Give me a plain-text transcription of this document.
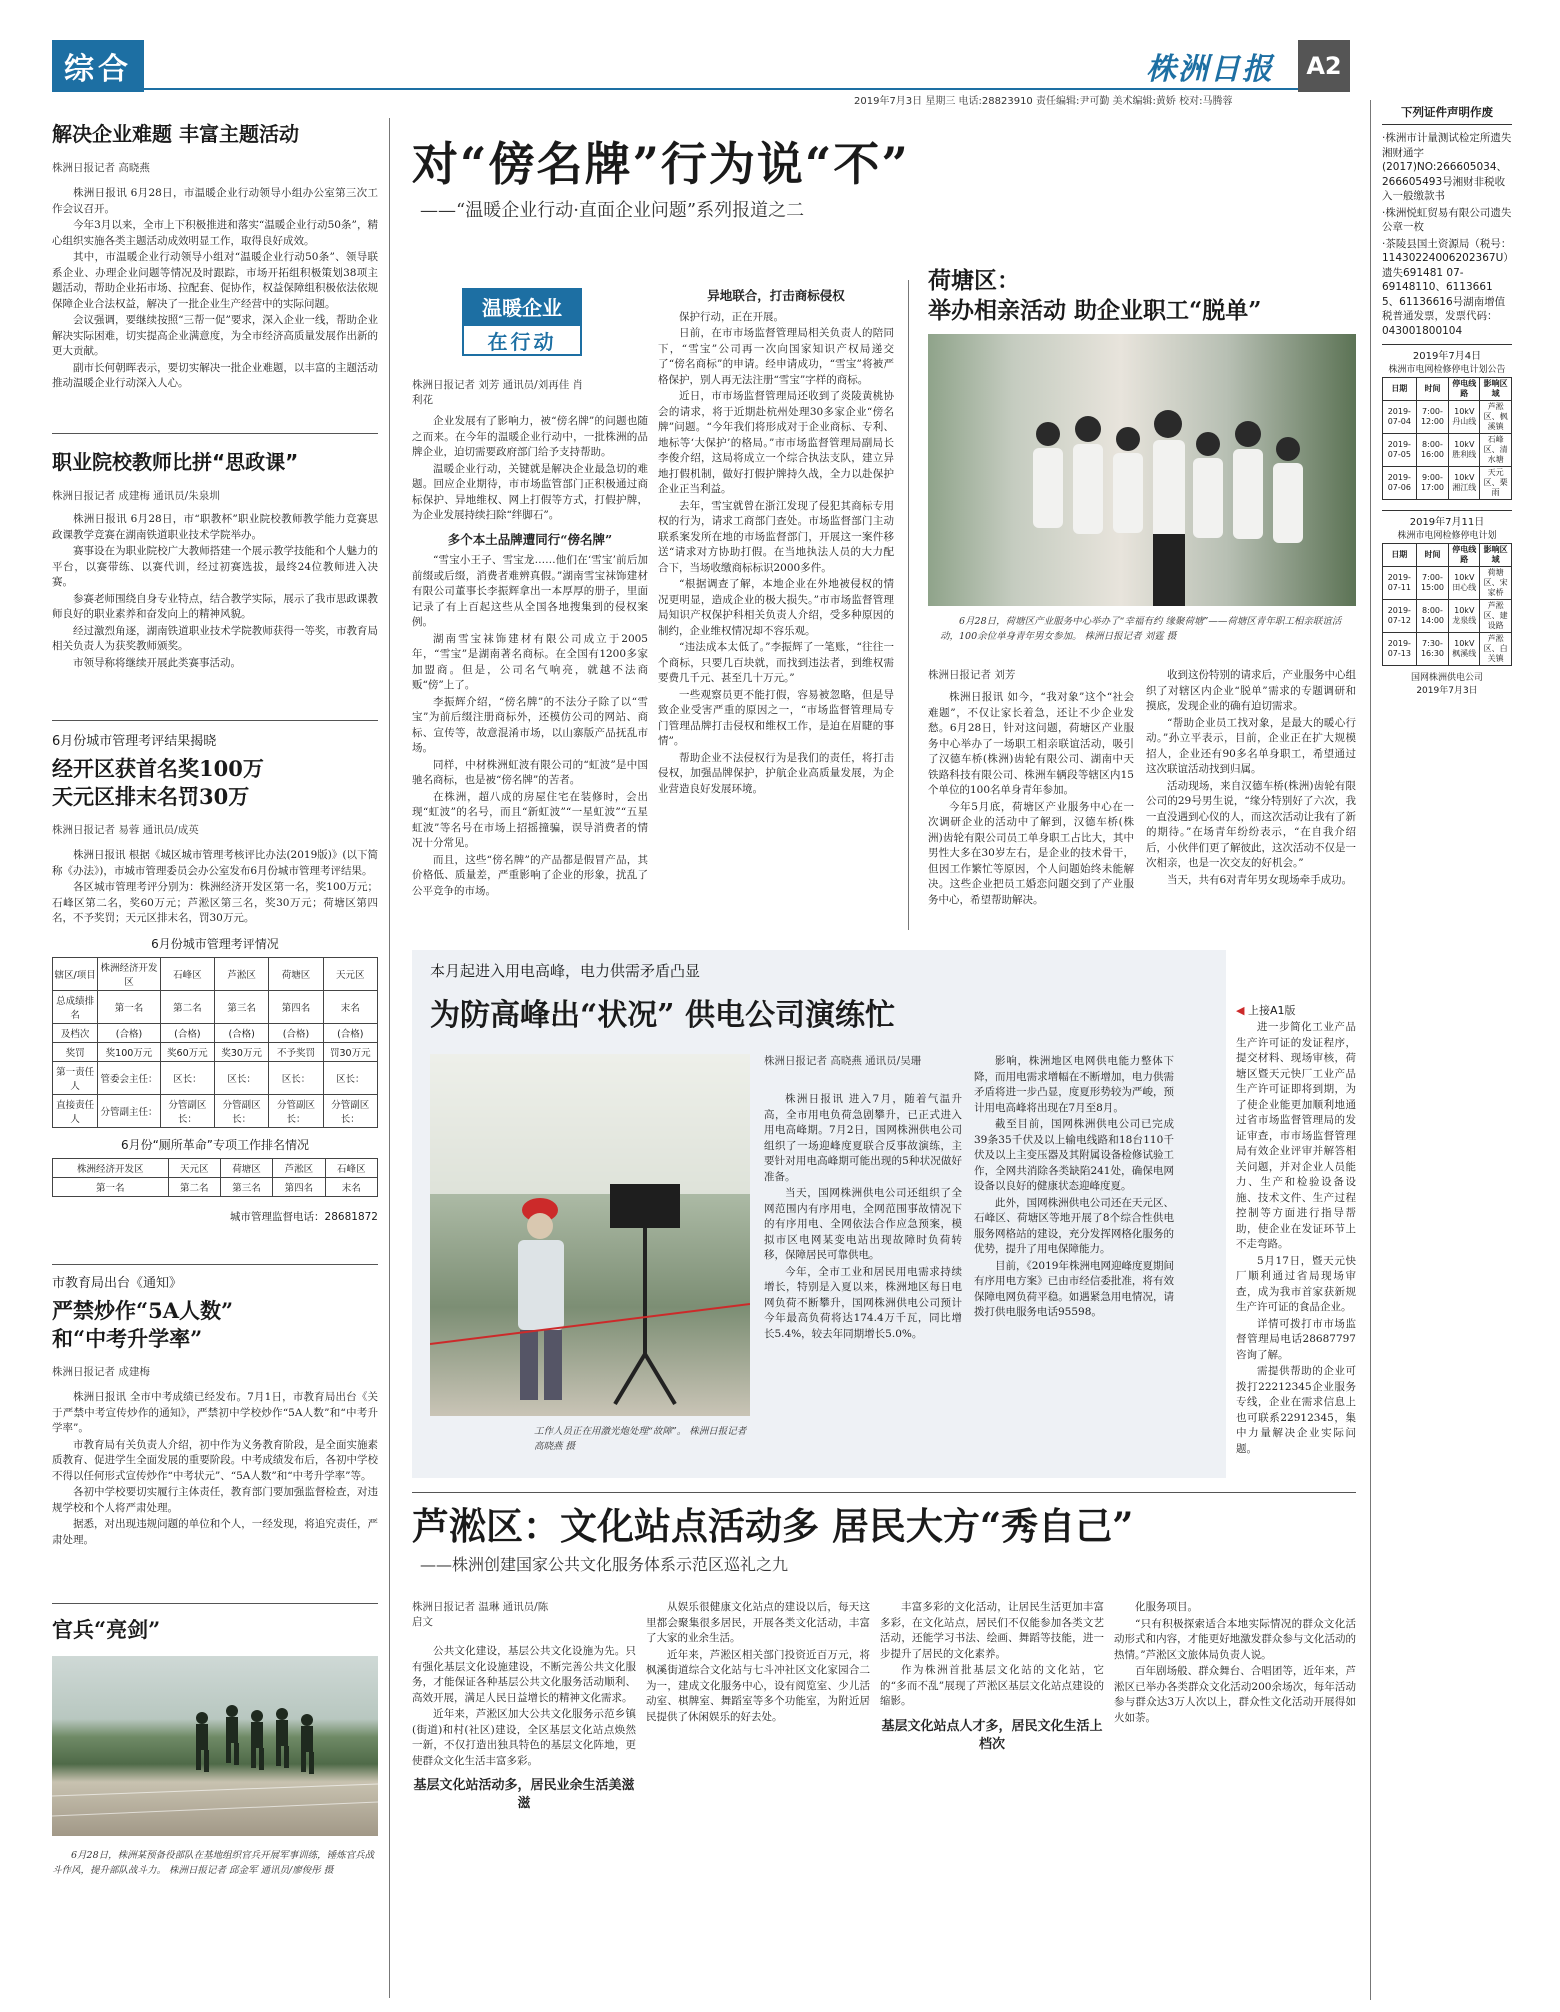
综合	株洲日报 A2
2019年7月3日 星期三 电话:28823910 责任编辑:尹可勤 美术编辑:黄娇 校对:马腾蓉
解决企业难题 丰富主题活动
株洲日报记者 高晓燕

株洲日报讯 6月28日，市温暖企业行动领导小组办公室第三次工作会议召开。

今年3月以来，全市上下积极推进和落实“温暖企业行动50条”，精心组织实施各类主题活动成效明显工作，取得良好成效。

其中，市温暖企业行动领导小组对“温暖企业行动50条”、领导联系企业、办理企业问题等情况及时跟踪，市场开拓组积极策划38项主题活动，帮助企业拓市场、拉配套、促协作，权益保障组积极依法依规保障企业合法权益，解决了一批企业生产经营中的实际问题。

会议强调，要继续按照“三帮一促”要求，深入企业一线，帮助企业解决实际困难，切实提高企业满意度，为全市经济高质量发展作出新的更大贡献。

副市长何朝晖表示，要切实解决一批企业难题，以丰富的主题活动推动温暖企业行动深入人心。

职业院校教师比拼“思政课”
株洲日报记者 成建梅 通讯员/朱泉圳

株洲日报讯 6月28日，市“职教杯”职业院校教师教学能力竞赛思政课教学竞赛在湖南铁道职业技术学院举办。

赛事设在为职业院校广大教师搭建一个展示教学技能和个人魅力的平台，以赛带练、以赛代训，经过初赛选拔，最终24位教师进入决赛。

参赛老师围绕自身专业特点，结合教学实际，展示了我市思政课教师良好的职业素养和奋发向上的精神风貌。

经过激烈角逐，湖南铁道职业技术学院教师获得一等奖，市教育局相关负责人为获奖教师颁奖。

市领导称将继续开展此类赛事活动。

6月份城市管理考评结果揭晓
经开区获首名奖100万
天元区排末名罚30万
株洲日报记者 易蓉 通讯员/成英

株洲日报讯 根据《城区城市管理考核评比办法(2019版)》(以下简称《办法》)，市城市管理委员会办公室发布6月份城市管理考评结果。

各区城市管理考评分别为：株洲经济开发区第一名，奖100万元；石峰区第二名，奖60万元；芦淞区第三名，奖30万元；荷塘区第四名，不予奖罚；天元区排末名，罚30万元。

6月份城市管理考评情况
辖区/项目	株洲经济开发区	石峰区	芦淞区	荷塘区	天元区
总成绩排名	第一名	第二名	第三名	第四名	末名
及档次	(合格)	(合格)	(合格)	(合格)	(合格)
奖罚	奖100万元	奖60万元	奖30万元	不予奖罚	罚30万元
第一责任人	管委会主任：	区长：	区长：	区长：	区长：
直接责任人	分管副主任：	分管副区长：	分管副区长：	分管副区长：	分管副区长：
6月份“厕所革命”专项工作排名情况
株洲经济开发区	天元区	荷塘区	芦淞区	石峰区
第一名	第二名	第三名	第四名	末名
城市管理监督电话：28681872
市教育局出台《通知》
严禁炒作“5A人数”
和“中考升学率”
株洲日报记者 成建梅

株洲日报讯 全市中考成绩已经发布。7月1日，市教育局出台《关于严禁中考宣传炒作的通知》，严禁初中学校炒作“5A人数”和“中考升学率”。

市教育局有关负责人介绍，初中作为义务教育阶段，是全面实施素质教育、促进学生全面发展的重要阶段。中考成绩发布后，各初中学校不得以任何形式宣传炒作“中考状元”、“5A人数”和“中考升学率”等。

各初中学校要切实履行主体责任，教育部门要加强监督检查，对违规学校和个人将严肃处理。

据悉，对出现违规问题的单位和个人，一经发现，将追究责任，严肃处理。

官兵“亮剑”
6月28日，株洲某预备役部队在基地组织官兵开展军事训练，锤炼官兵战斗作风，提升部队战斗力。 株洲日报记者 邱金军 通讯员/廖俊彤 摄
对“傍名牌”行为说“不”
——“温暖企业行动·直面企业问题”系列报道之二
温暖企业
在行动
株洲日报记者 刘芳 通讯员/刘再佳 肖利花

企业发展有了影响力，被“傍名牌”的问题也随之而来。在今年的温暖企业行动中，一批株洲的品牌企业，迫切需要政府部门给予支持帮助。

温暖企业行动，关键就是解决企业最急切的难题。回应企业期待，市市场监管部门正积极通过商标保护、异地维权、网上打假等方式，打假护牌，为企业发展持续扫除“绊脚石”。

多个本土品牌遭同行“傍名牌”

“雪宝小王子、雪宝龙……他们在‘雪宝’前后加前缀或后缀，消费者难辨真假。”湖南雪宝袜饰建材有限公司董事长李振辉拿出一本厚厚的册子，里面记录了有上百起这些从全国各地搜集到的侵权案例。

湖南雪宝袜饰建材有限公司成立于2005年，“雪宝”是湖南著名商标。在全国有1200多家加盟商。但是，公司名气响亮，就越不法商贩“傍”上了。

李振辉介绍，“傍名牌”的不法分子除了以“雪宝”为前后缀注册商标外，还模仿公司的网站、商标、宣传等，故意混淆市场，以山寨版产品抚乱市场。

同样，中材株洲虹波有限公司的“虹波”是中国驰名商标，也是被“傍名牌”的苦者。

在株洲，超八成的房屋住宅在装修时，会出现“虹波”的名号，而且“新虹波”“一星虹波”“五星虹波”等名号在市场上招摇撞骗，误导消费者的情况十分常见。

而且，这些“傍名牌”的产品都是假冒产品，其价格低、质量差，严重影响了企业的形象，扰乱了公平竞争的市场。

异地联合，打击商标侵权

保护行动，正在开展。

日前，在市市场监督管理局相关负责人的陪同下，“雪宝”公司再一次向国家知识产权局递交了“傍名商标”的申请。经申请成功，“雪宝”将被严格保护，别人再无法注册“雪宝”字样的商标。

近日，市市场监督管理局还收到了炎陵黄桃协会的请求，将于近期赴杭州处理30多家企业“傍名牌”问题。“今年我们将形成对于企业商标、专利、地标等‘大保护’的格局。”市市场监督管理局副局长李俊介绍，这局将成立一个综合执法支队，建立异地打假机制，做好打假护牌持久战，全力以赴保护企业正当利益。

去年，雪宝就曾在浙江发现了侵犯其商标专用权的行为，请求工商部门查处。市场监督部门主动联系案发所在地的市场监督部门，开展这一案件移送“请求对方协助打假。在当地执法人员的大力配合下，当场收缴商标标识2000多件。

“根据调查了解，本地企业在外地被侵权的情况更明显，造成企业的极大损失。”市市场监督管理局知识产权保护科相关负责人介绍，受多种原因的制约，企业维权情况却不容乐观。

“违法成本太低了。”李振辉了一笔账，“往往一个商标，只要几百块就，而找到违法者，到维权需要费几千元、甚至几十万元。”

一些观察员更不能打假，容易被忽略，但是导致企业受害严重的原因之一，“市场监督管理局专门管理品牌打击侵权和维权工作，是迫在眉睫的事情”。

帮助企业不法侵权行为是我们的责任，将打击侵权，加强品牌保护，护航企业高质量发展，为企业营造良好发展环境。

荷塘区：
举办相亲活动 助企业职工“脱单”
6月28日，荷塘区产业服务中心举办了“幸福有约 缘聚荷塘”——荷塘区青年职工相亲联谊活动，100余位单身青年男女参加。 株洲日报记者 刘霆 摄
株洲日报记者 刘芳

株洲日报讯 如今，“我对象”这个“社会难题”，不仅让家长着急，还让不少企业发愁。6月28日，针对这问题，荷塘区产业服务中心举办了一场职工相亲联谊活动，吸引了汉德车桥(株洲)齿轮有限公司、湖南中天铁路科技有限公司、株洲车辆段等辖区内15个单位的100名单身青年参加。

今年5月底，荷塘区产业服务中心在一次调研企业的活动中了解到，汉德车桥(株洲)齿轮有限公司员工单身职工占比大，其中男性大多在30岁左右，是企业的技术骨干，但因工作繁忙等原因，个人问题始终未能解决。这些企业把员工婚恋问题交到了产业服务中心，希望帮助解决。

收到这份特别的请求后，产业服务中心组织了对辖区内企业“脱单”需求的专题调研和摸底，发现企业的确有迫切需求。

“帮助企业员工找对象，是最大的暖心行动。”孙立平表示，目前，企业正在扩大规模招人，企业还有90多名单身职工，希望通过这次联谊活动找到归属。

活动现场，来自汉德车桥(株洲)齿轮有限公司的29号男生说，“缘分特别好了六次，我一直没遇到心仪的人，而这次活动让我有了新的期待。”在场青年纷纷表示，“在自我介绍后，小伙伴们更了解彼此，这次活动不仅是一次相亲，也是一次交友的好机会。”

当天，共有6对青年男女现场牵手成功。

本月起进入用电高峰，电力供需矛盾凸显
为防高峰出“状况” 供电公司演练忙
工作人员正在用激光炮处理“故障”。 株洲日报记者 高晓燕 摄
株洲日报记者 高晓燕 通讯员/吴珊

株洲日报讯 进入7月，随着气温升高，全市用电负荷急剧攀升，已正式进入用电高峰期。7月2日，国网株洲供电公司组织了一场迎峰度夏联合反事故演练，主要针对用电高峰期可能出现的5种状况做好准备。

当天，国网株洲供电公司还组织了全网范围内有序用电，全网范围事故情况下的有序用电、全网依法合作应急预案，模拟市区电网某变电站出现故障时负荷转移，保障居民可靠供电。

今年，全市工业和居民用电需求持续增长，特别是入夏以来，株洲地区每日电网负荷不断攀升，国网株洲供电公司预计今年最高负荷将达174.4万千瓦，同比增长5.4%，较去年同期增长5.0%。

影响，株洲地区电网供电能力整体下降，而用电需求增幅在不断增加，电力供需矛盾将进一步凸显，度夏形势较为严峻，预计用电高峰将出现在7月至8月。

截至目前，国网株洲供电公司已完成39条35千伏及以上输电线路和18台110千伏及以上主变压器及其附属设备检修试验工作，全网共消除各类缺陷241处，确保电网设备以良好的健康状态迎峰度夏。

此外，国网株洲供电公司还在天元区、石峰区、荷塘区等地开展了8个综合性供电服务网格站的建设，充分发挥网格化服务的优势，提升了用电保障能力。

目前，《2019年株洲电网迎峰度夏期间有序用电方案》已由市经信委批准，将有效保障电网负荷平稳。如遇紧急用电情况，请拨打供电服务电话95598。

◀ 上接A1版

进一步简化工业产品生产许可证的发证程序，提交材料、现场审核，荷塘区暨天元快厂工业产品生产许可证即将到期，为了使企业能更加顺利地通过省市场监督管理局的发证审查，市市场监督管理局有效企业评审并解答相关问题，并对企业人员能力、生产和检验设备设施、技术文件、生产过程控制等方面进行指导帮助，使企业在发证环节上不走弯路。

5月17日，暨天元快厂顺利通过省局现场审查，成为我市首家获新规生产许可证的食品企业。

详情可拨打市市场监督管理局电话28687797咨询了解。

需提供帮助的企业可拨打22212345企业服务专线，企业在需求信息上也可联系22912345，集中力量解决企业实际问题。

芦淞区：文化站点活动多 居民大方“秀自己”
——株洲创建国家公共文化服务体系示范区巡礼之九
株洲日报记者 温琳 通讯员/陈启文

公共文化建设，基层公共文化设施为先。只有强化基层文化设施建设，不断完善公共文化服务，才能保证各种基层公共文化服务活动顺利、高效开展，满足人民日益增长的精神文化需求。

近年来，芦淞区加大公共文化服务示范乡镇(街道)和村(社区)建设，全区基层文化站点焕然一新，不仅打造出独具特色的基层文化阵地，更使群众文化生活丰富多彩。

基层文化站活动多，居民业余生活美滋滋

从娱乐很健康文化站点的建设以后，每天这里都会聚集很多居民，开展各类文化活动，丰富了大家的业余生活。

近年来，芦淞区相关部门投资近百万元，将枫溪街道综合文化站与七斗冲社区文化家园合二为一，建成文化服务中心，设有阅览室、少儿活动室、棋牌室、舞蹈室等多个功能室，为附近居民提供了休闲娱乐的好去处。

丰富多彩的文化活动，让居民生活更加丰富多彩，在文化站点，居民们不仅能参加各类文艺活动，还能学习书法、绘画、舞蹈等技能，进一步提升了居民的文化素养。

作为株洲首批基层文化站的文化站，它的“多而不乱”展现了芦淞区基层文化站点建设的缩影。

基层文化站点人才多，居民文化生活上档次

化服务项目。

“只有积极探索适合本地实际情况的群众文化活动形式和内容，才能更好地激发群众参与文化活动的热情。”芦淞区文旅体局负责人说。

百年剧场般、群众舞台、合唱团等，近年来，芦淞区已举办各类群众文化活动200余场次，每年活动参与群众达3万人次以上，群众性文化活动开展得如火如荼。

下列证件声明作废
·株洲市计量测试检定所遗失湘财通字(2017)NO:266605034、266605493号湘财非税收入一般缴款书
·株洲悦虹贸易有限公司遗失公章一枚
·茶陵县国土资源局（税号：11430224006202367U）遗失691481 07-69148110、6113661 5、61136616号湖南增值税普通发票，发票代码：043001800104
2019年7月4日
株洲市电网检修停电计划公告
日期	时间	停电线路	影响区域
2019-07-04	7:00-12:00	10kV丹山线	芦淞区、枫溪镇
2019-07-05	8:00-16:00	10kV胜利线	石峰区、清水塘
2019-07-06	9:00-17:00	10kV湘江线	天元区、栗雨
2019年7月11日
株洲市电网检修停电计划
日期	时间	停电线路	影响区域
2019-07-11	7:00-15:00	10kV田心线	荷塘区、宋家桥
2019-07-12	8:00-14:00	10kV龙泉线	芦淞区、建设路
2019-07-13	7:30-16:30	10kV枫溪线	芦淞区、白关镇
国网株洲供电公司
2019年7月3日
